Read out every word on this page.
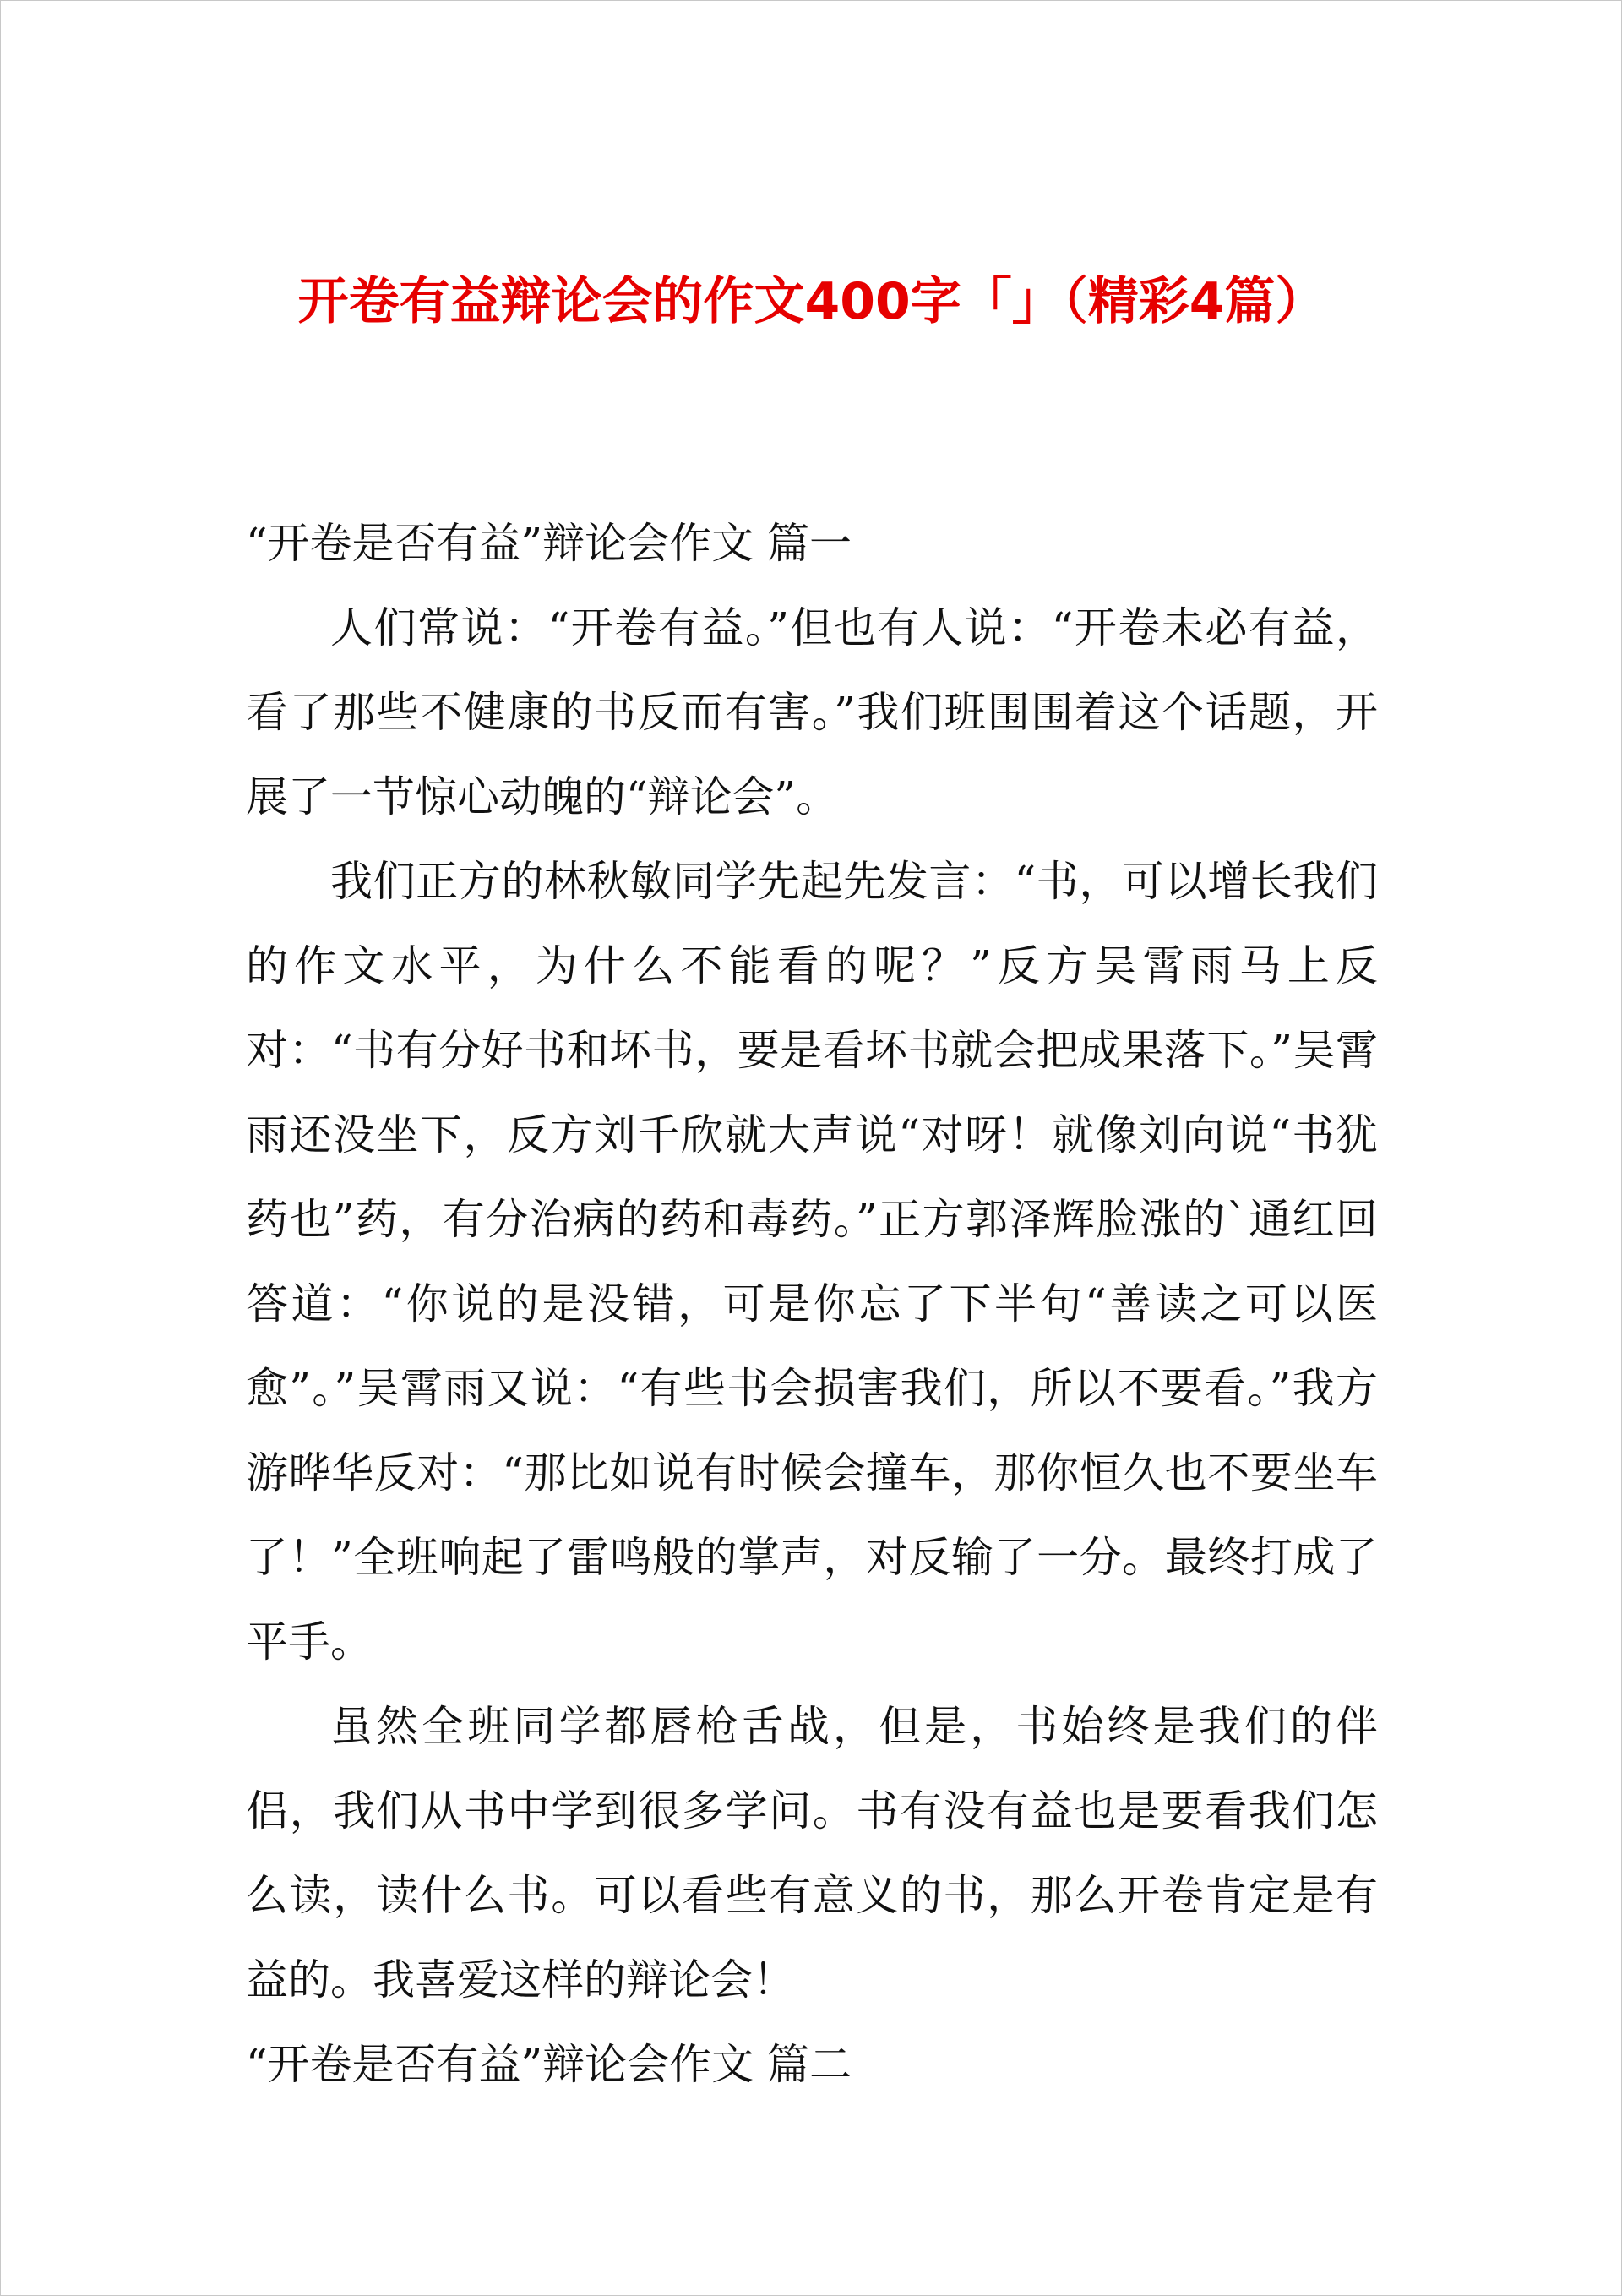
开卷有益辩论会的作文400字「」（精彩4篇）

“开卷是否有益”辩论会作文 篇一

人们常说：“开卷有益。”但也有人说：“开卷未必有益，看了那些不健康的书反而有害。”我们班围围着这个话题，开展了一节惊心动魄的“辩论会”。

我们正方的林秋敏同学先起先发言：“书，可以增长我们的作文水平，为什么不能看的呢？”反方吴霄雨马上反对：“书有分好书和坏书，要是看坏书就会把成果落下。”吴霄雨还没坐下，反方刘千欣就大声说“对呀！就像刘向说“书犹药也”药，有分治病的药和毒药。”正方郭泽辉脸涨的`通红回答道：“你说的是没错，可是你忘了下半句“善读之可以医愈”。”吴霄雨又说：“有些书会损害我们，所以不要看。”我方游晔华反对：“那比如说有时候会撞车，那你恒久也不要坐车了！”全班响起了雷鸣般的掌声，对反输了一分。最终打成了平手。

虽然全班同学都唇枪舌战，但是，书始终是我们的伴侣，我们从书中学到很多学问。书有没有益也是要看我们怎么读，读什么书。可以看些有意义的书，那么开卷肯定是有益的。我喜爱这样的辩论会！

“开卷是否有益”辩论会作文 篇二
